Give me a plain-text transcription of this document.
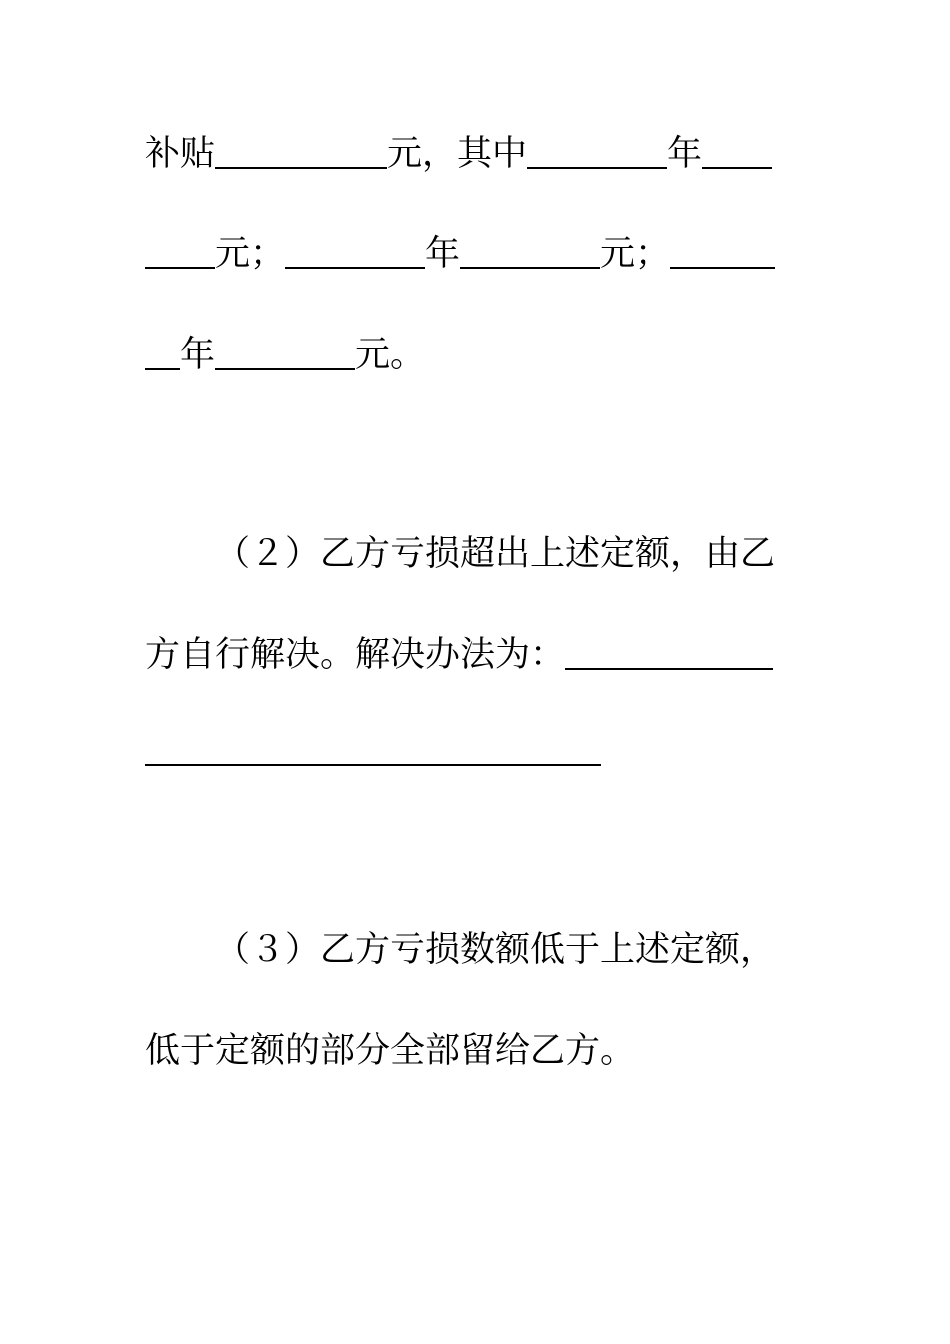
补贴	元，其中	年
元；	年	元；
年	元。
（２）乙方亏损超出上述定额，由乙
方自行解决。解决办法为：
（３）乙方亏损数额低于上述定额，
低于定额的部分全部留给乙方。
